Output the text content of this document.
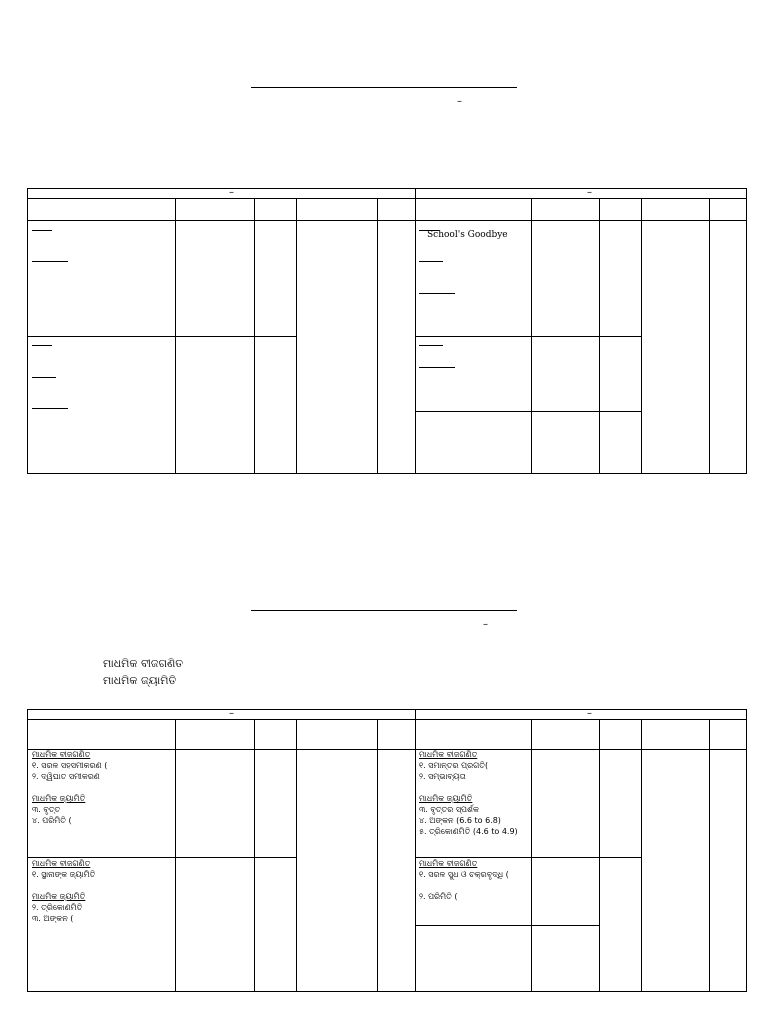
–
–	–
School's Goodbye
–
ମାଧମିକ ବୀଜଗଣିତ
ମାଧମିକ ଜ୍ୟାମିତି
–	–
ମାଧମିକ ବୀଜଗଣିତ
୧. ସରଳ ସହସମୀକରଣ (
୨. ଦ୍ୱିଘାତ ସମୀକରଣ
ମାଧମିକ ଜ୍ୟାମିତି
୩. ବୃତ୍ତ
୪. ପରିମିତି (
ମାଧମିକ ବୀଜଗଣିତ
୧. ସ୍ଥାନାଙ୍କ ଜ୍ୟାମିତି
ମାଧମିକ ଜ୍ୟାମିତି
୨. ତ୍ରିକୋଣମିତି
୩. ଅଙ୍କନ (
ମାଧମିକ ବୀଜଗଣିତ
୧. ସମାନ୍ତର ପ୍ରଗତି(
୨. ସମ୍ଭାବ୍ୟତା
ମାଧମିକ ଜ୍ୟାମିତି
୩. ବୃତ୍ତର ସ୍ପର୍ଶକ
୪. ଅଙ୍କନ (6.6 to 6.8)
୫. ତ୍ରିକୋଣମିତି (4.6 to 4.9)
ମାଧମିକ ବୀଜଗଣିତ
୧. ସରଳ ସୁଧ ଓ ଚକ୍ରବୃଦ୍ଧି (
୨. ପରିମିତି (
